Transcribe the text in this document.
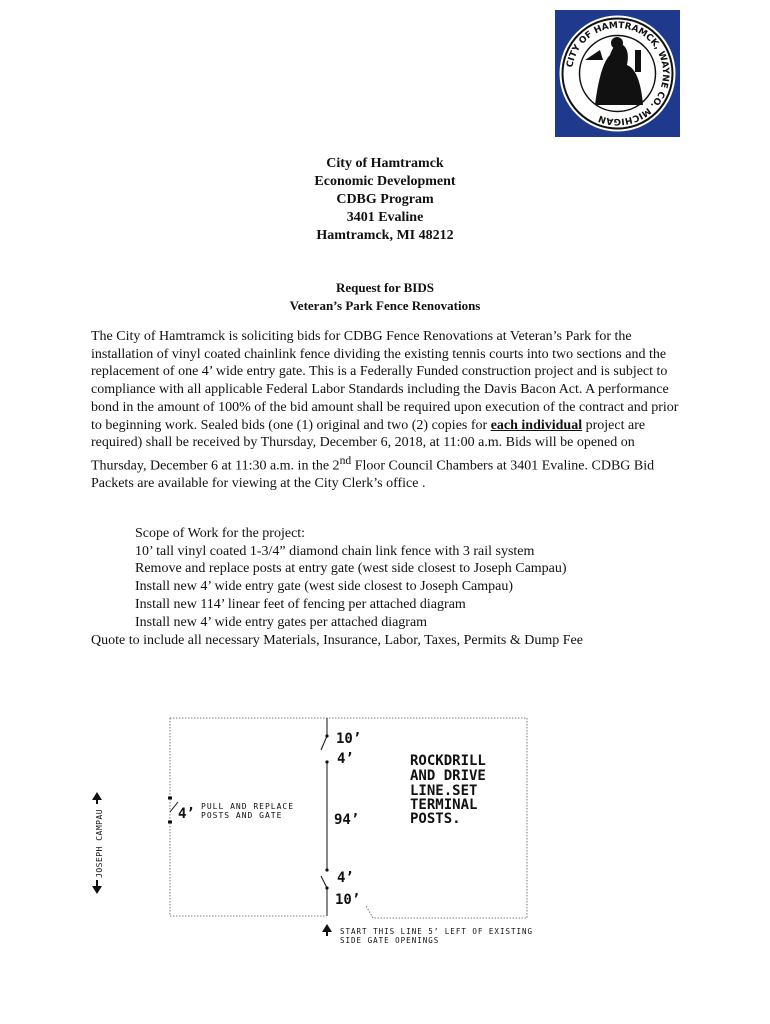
CITY OF HAMTRAMCK, WAYNE CO. MICHIGAN
City of Hamtramck
Economic Development
CDBG Program
3401 Evaline
Hamtramck, MI 48212
Request for BIDS
Veteran’s Park Fence Renovations
The City of Hamtramck is soliciting bids for CDBG Fence Renovations at Veteran’s Park for the installation of vinyl coated chainlink fence dividing the existing tennis courts into two sections and the replacement of one 4’ wide entry gate. This is a Federally Funded construction project and is subject to compliance with all applicable Federal Labor Standards including the Davis Bacon Act. A performance bond in the amount of 100% of the bid amount shall be required upon execution of the contract and prior to beginning work. Sealed bids (one (1) original and two (2) copies for each individual project are required) shall be received by Thursday, December 6, 2018, at 11:00 a.m. Bids will be opened on Thursday, December 6 at 11:30 a.m. in the 2nd Floor Council Chambers at 3401 Evaline. CDBG Bid Packets are available for viewing at the City Clerk’s office .
Scope of Work for the project:
10’ tall vinyl coated 1-3/4” diamond chain link fence with 3 rail system
Remove and replace posts at entry gate (west side closest to Joseph Campau)
Install new 4’ wide entry gate (west side closest to Joseph Campau)
Install new 114’ linear feet of fencing per attached diagram
Install new 4’ wide entry gates per attached diagram
Quote to include all necessary Materials, Insurance, Labor, Taxes, Permits & Dump Fee
JOSEPH CAMPAU	4’ PULL AND REPLACE
POSTS AND GATE
10’
4’
94’
4’
10’
ROCKDRILL
AND DRIVE
LINE.SET
TERMINAL
POSTS.
START THIS LINE 5’ LEFT OF EXISTING
SIDE GATE OPENINGS
